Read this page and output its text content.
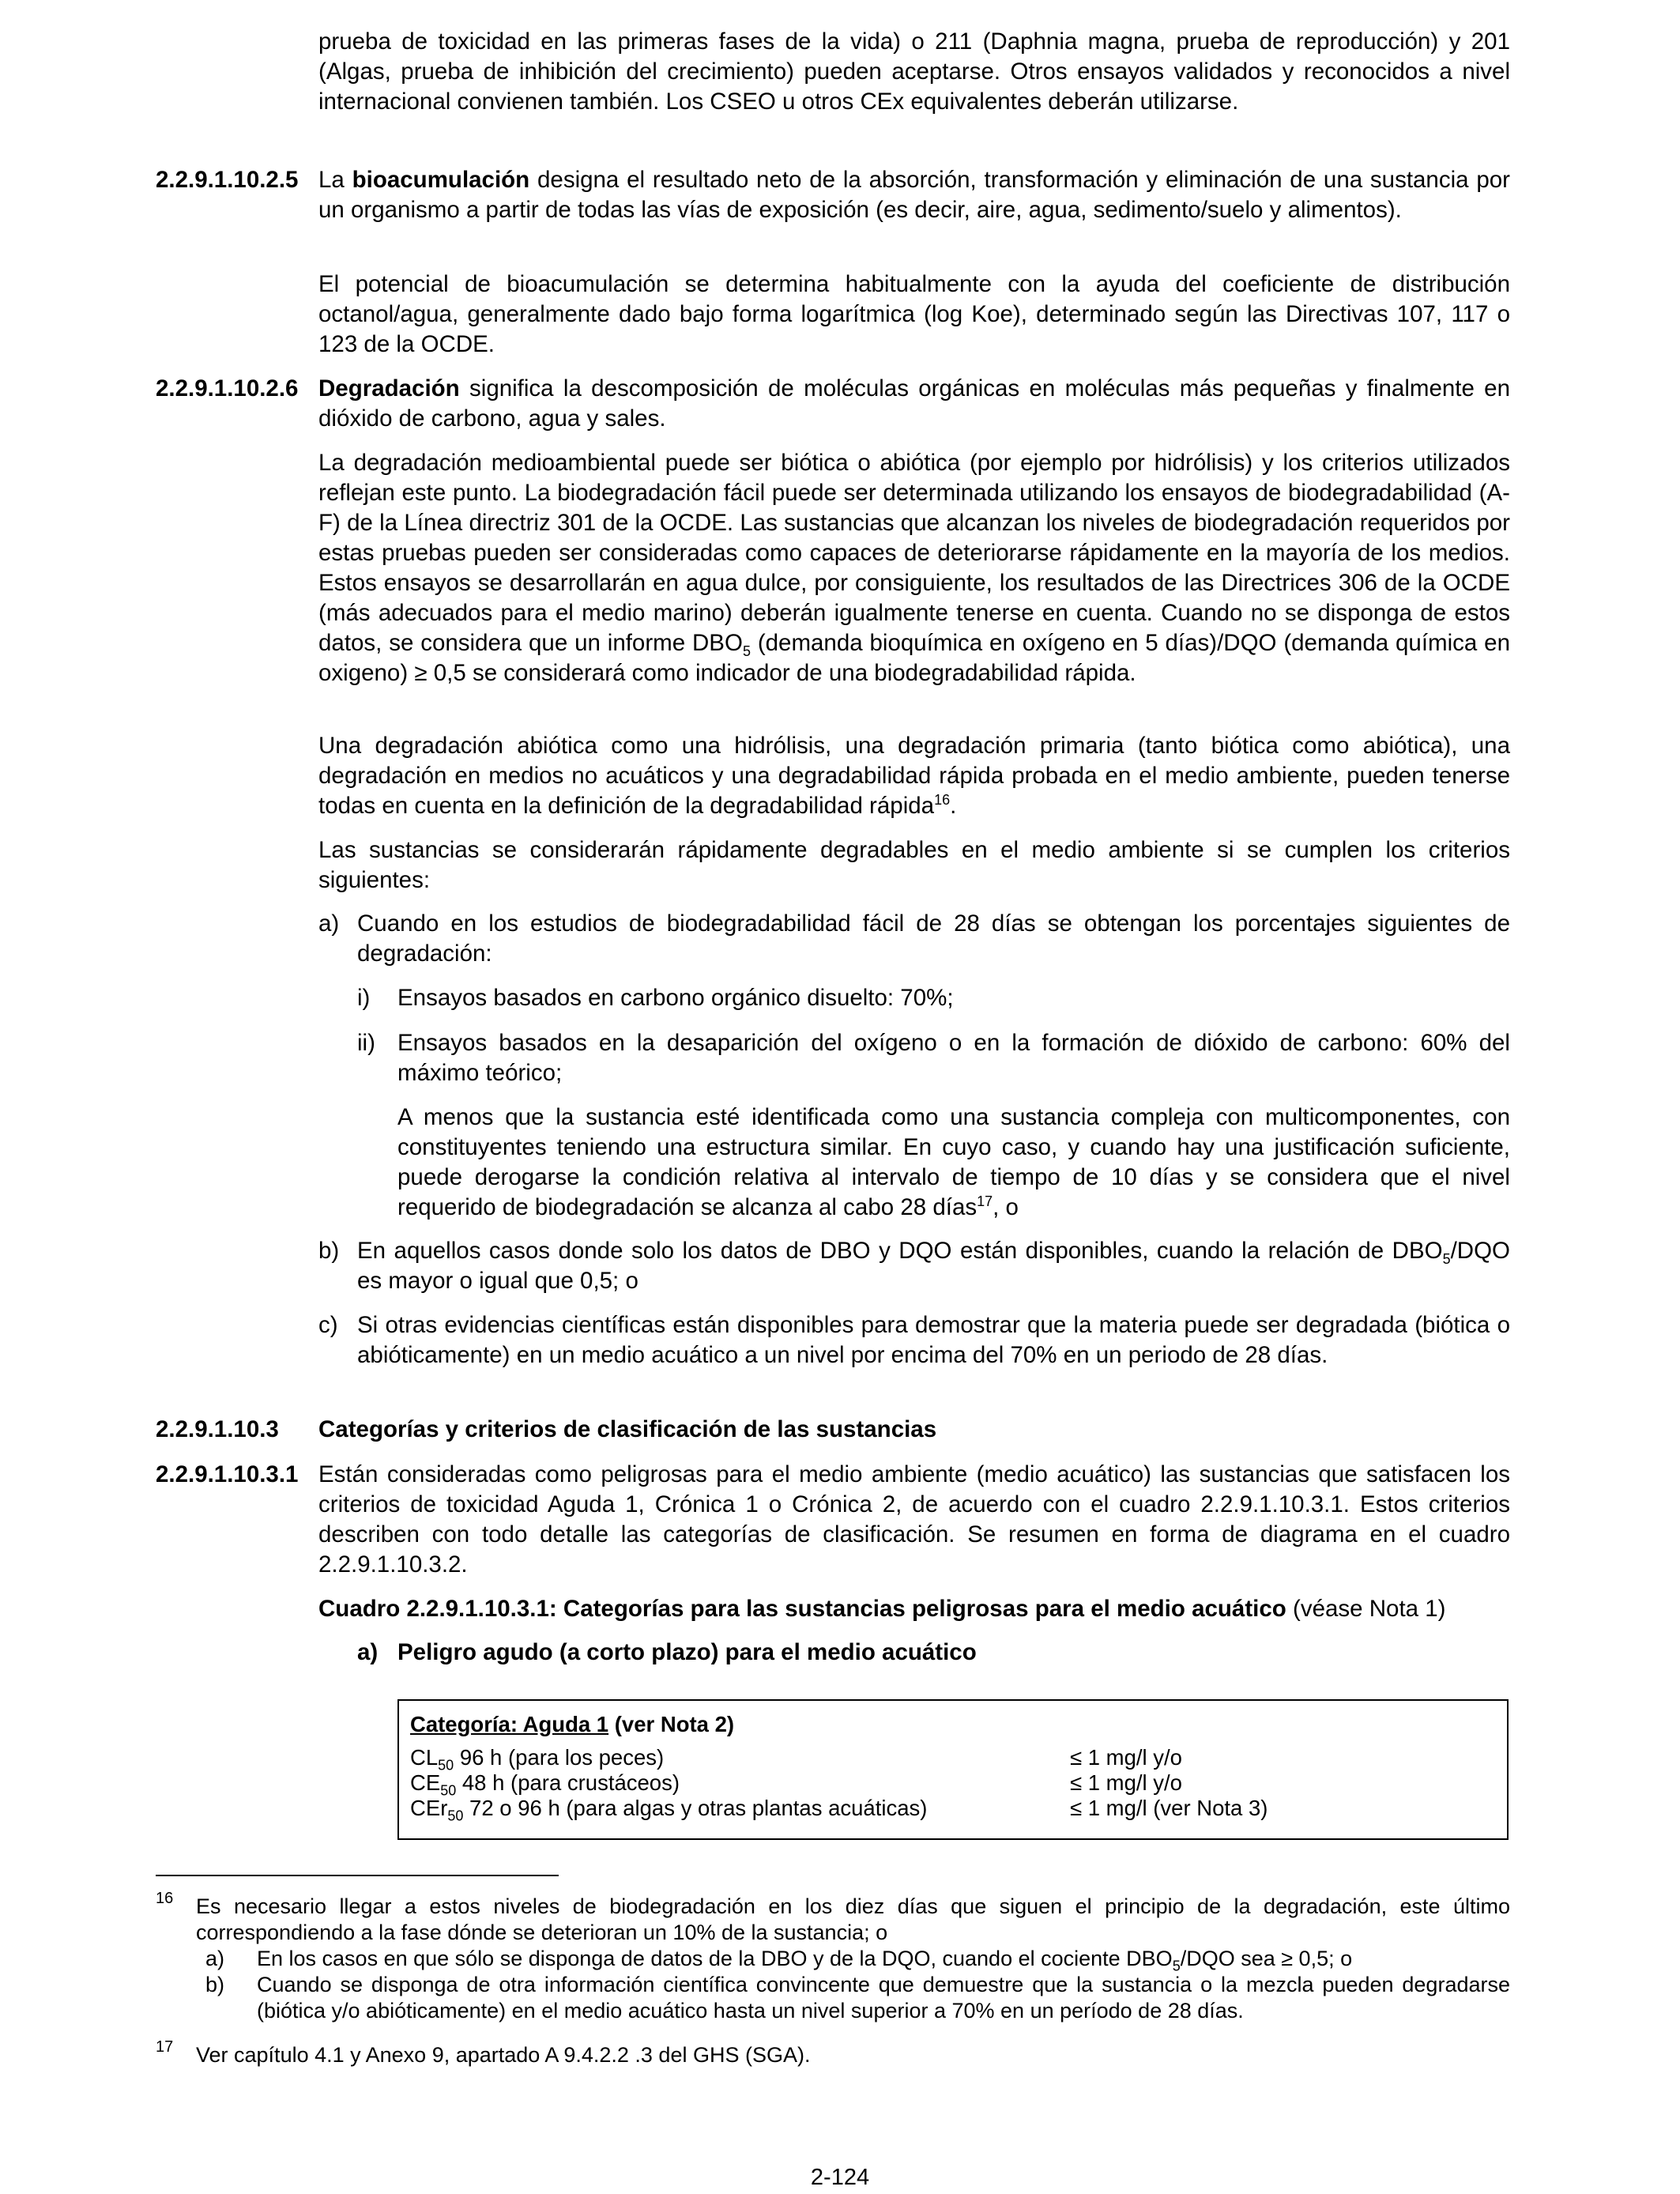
prueba de toxicidad en las primeras fases de la vida) o 211 (Daphnia magna, prueba de reproducción) y 201 (Algas, prueba de inhibición del crecimiento) pueden aceptarse. Otros ensayos validados y reconocidos a nivel internacional convienen también. Los CSEO u otros CEx equivalentes deberán utilizarse.

2.2.9.1.10.2.5 La bioacumulación designa el resultado neto de la absorción, transformación y eliminación de una sustancia por un organismo a partir de todas las vías de exposición (es decir, aire, agua, sedimento/suelo y alimentos).

El potencial de bioacumulación se determina habitualmente con la ayuda del coeficiente de distribución octanol/agua, generalmente dado bajo forma logarítmica (log Koe), determinado según las Directivas 107, 117 o 123 de la OCDE.

2.2.9.1.10.2.6 Degradación significa la descomposición de moléculas orgánicas en moléculas más pequeñas y finalmente en dióxido de carbono, agua y sales.

La degradación medioambiental puede ser biótica o abiótica (por ejemplo por hidrólisis) y los criterios utilizados reflejan este punto. La biodegradación fácil puede ser determinada utilizando los ensayos de biodegradabilidad (A-F) de la Línea directriz 301 de la OCDE. Las sustancias que alcanzan los niveles de biodegradación requeridos por estas pruebas pueden ser consideradas como capaces de deteriorarse rápidamente en la mayoría de los medios. Estos ensayos se desarrollarán en agua dulce, por consiguiente, los resultados de las Directrices 306 de la OCDE (más adecuados para el medio marino) deberán igualmente tenerse en cuenta. Cuando no se disponga de estos datos, se considera que un informe $DBO_5$ (demanda bioquímica en oxígeno en 5 días)/DQO (demanda química en oxigeno) ≥ 0,5 se considerará como indicador de una biodegradabilidad rápida.

Una degradación abiótica como una hidrólisis, una degradación primaria (tanto biótica como abiótica), una degradación en medios no acuáticos y una degradabilidad rápida probada en el medio ambiente, pueden tenerse todas en cuenta en la definición de la degradabilidad rápida$^{16}$.

Las sustancias se considerarán rápidamente degradables en el medio ambiente si se cumplen los criterios siguientes:

a) Cuando en los estudios de biodegradabilidad fácil de 28 días se obtengan los porcentajes siguientes de degradación:

i) Ensayos basados en carbono orgánico disuelto: 70%;

ii) Ensayos basados en la desaparición del oxígeno o en la formación de dióxido de carbono: 60% del máximo teórico;

A menos que la sustancia esté identificada como una sustancia compleja con multicomponentes, con constituyentes teniendo una estructura similar. En cuyo caso, y cuando hay una justificación suficiente, puede derogarse la condición relativa al intervalo de tiempo de 10 días y se considera que el nivel requerido de biodegradación se alcanza al cabo 28 días$^{17}$, o

b) En aquellos casos donde solo los datos de DBO y DQO están disponibles, cuando la relación de $DBO_5$/DQO es mayor o igual que 0,5; o

c) Si otras evidencias científicas están disponibles para demostrar que la materia puede ser degradada (biótica o abióticamente) en un medio acuático a un nivel por encima del 70% en un periodo de 28 días.

2.2.9.1.10.3 Categorías y criterios de clasificación de las sustancias

2.2.9.1.10.3.1 Están consideradas como peligrosas para el medio ambiente (medio acuático) las sustancias que satisfacen los criterios de toxicidad Aguda 1, Crónica 1 o Crónica 2, de acuerdo con el cuadro 2.2.9.1.10.3.1. Estos criterios describen con todo detalle las categorías de clasificación. Se resumen en forma de diagrama en el cuadro 2.2.9.1.10.3.2.

Cuadro 2.2.9.1.10.3.1: Categorías para las sustancias peligrosas para el medio acuático (véase Nota 1)

a) Peligro agudo (a corto plazo) para el medio acuático
Categoría: Aguda 1 (ver Nota 2)
$CL_{50}$ 96 h (para los peces)	≤ 1 mg/l y/o
$CE_{50}$ 48 h (para crustáceos)	≤ 1 mg/l y/o
CEr$_{50}$ 72 o 96 h (para algas y otras plantas acuáticas)	≤ 1 mg/l (ver Nota 3)
16 Es necesario llegar a estos niveles de biodegradación en los diez días que siguen el principio de la degradación, este último correspondiendo a la fase dónde se deterioran un 10% de la sustancia; o

a) En los casos en que sólo se disponga de datos de la DBO y de la DQO, cuando el cociente $DBO_5$/DQO sea ≥ 0,5; o

b) Cuando se disponga de otra información científica convincente que demuestre que la sustancia o la mezcla pueden degradarse (biótica y/o abióticamente) en el medio acuático hasta un nivel superior a 70% en un período de 28 días.

17 Ver capítulo 4.1 y Anexo 9, apartado A 9.4.2.2 .3 del GHS (SGA).

2-124
